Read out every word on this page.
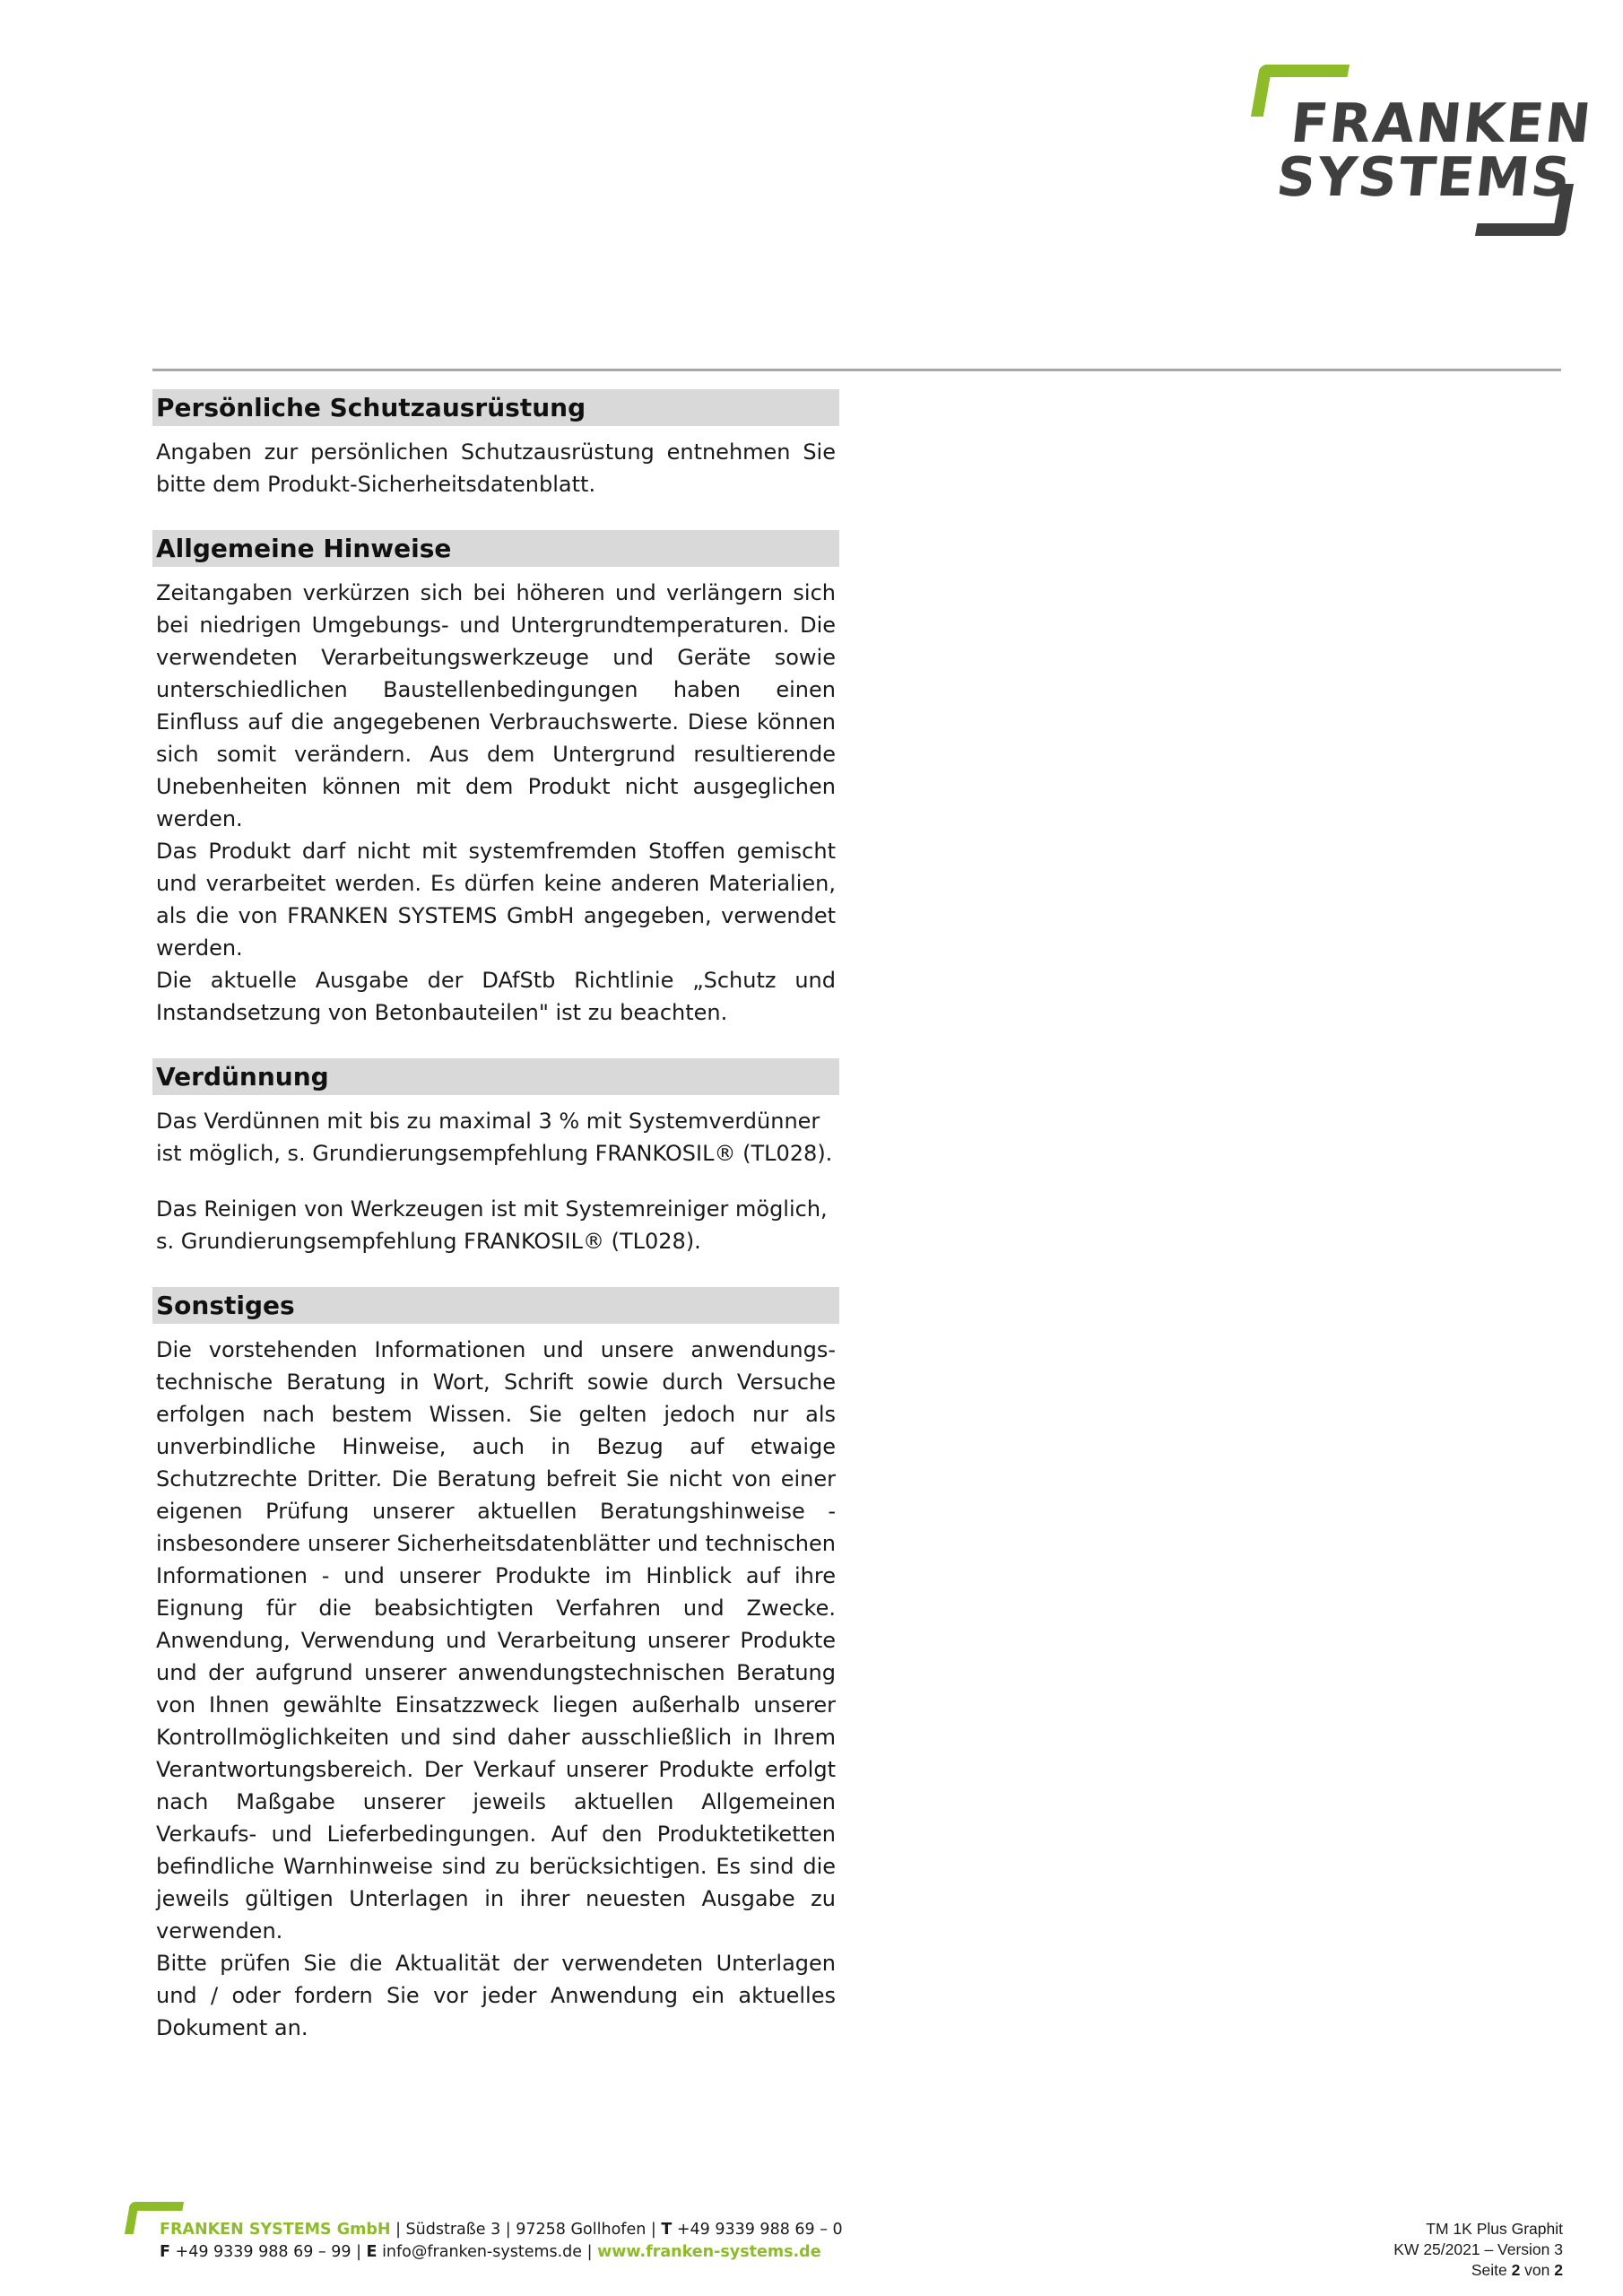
FRANKEN
SYSTEMS
Persönliche Schutzausrüstung

Angaben zur persönlichen Schutzausrüstung entnehmen Sie bitte dem Produkt-Sicherheitsdatenblatt.

Allgemeine Hinweise

Zeitangaben verkürzen sich bei höheren und verlängern sich bei niedrigen Umgebungs- und Untergrundtemperaturen. Die verwendeten Verarbeitungswerkzeuge und Geräte sowie unterschiedlichen Baustellenbedingungen haben einen Einfluss auf die angegebenen Verbrauchswerte. Diese können sich somit verändern. Aus dem Untergrund resultierende Unebenheiten können mit dem Produkt nicht ausgeglichen werden.

Das Produkt darf nicht mit systemfremden Stoffen gemischt und verarbeitet werden. Es dürfen keine anderen Materialien, als die von FRANKEN SYSTEMS GmbH angegeben, verwendet werden.

Die aktuelle Ausgabe der DAfStb Richtlinie „Schutz und Instandsetzung von Betonbauteilen" ist zu beachten.

Verdünnung

Das Verdünnen mit bis zu maximal 3 % mit Systemverdünner ist möglich, s. Grundierungsempfehlung FRANKOSIL® (TL028).

Das Reinigen von Werkzeugen ist mit Systemreiniger möglich, s. Grundierungsempfehlung FRANKOSIL® (TL028).

Sonstiges

Die vorstehenden Informationen und unsere anwendungstechnische Beratung in Wort, Schrift sowie durch Versuche erfolgen nach bestem Wissen. Sie gelten jedoch nur als unverbindliche Hinweise, auch in Bezug auf etwaige Schutzrechte Dritter. Die Beratung befreit Sie nicht von einer eigenen Prüfung unserer aktuellen Beratungshinweise - insbesondere unserer Sicherheitsdatenblätter und technischen Informationen - und unserer Produkte im Hinblick auf ihre Eignung für die beabsichtigten Verfahren und Zwecke. Anwendung, Verwendung und Verarbeitung unserer Produkte und der aufgrund unserer anwendungstechnischen Beratung von Ihnen gewählte Einsatzzweck liegen außerhalb unserer Kontrollmöglichkeiten und sind daher ausschließlich in Ihrem Verantwortungsbereich. Der Verkauf unserer Produkte erfolgt nach Maßgabe unserer jeweils aktuellen Allgemeinen Verkaufs- und Lieferbedingungen. Auf den Produktetiketten befindliche Warnhinweise sind zu berücksichtigen. Es sind die jeweils gültigen Unterlagen in ihrer neuesten Ausgabe zu verwenden.

Bitte prüfen Sie die Aktualität der verwendeten Unterlagen und / oder fordern Sie vor jeder Anwendung ein aktuelles Dokument an.

FRANKEN SYSTEMS GmbH | Südstraße 3 | 97258 Gollhofen | T +49 9339 988 69 – 0
F +49 9339 988 69 – 99 | E info@franken-systems.de | www.franken-systems.de
TM 1K Plus Graphit
KW 25/2021 – Version 3
Seite 2 von 2
